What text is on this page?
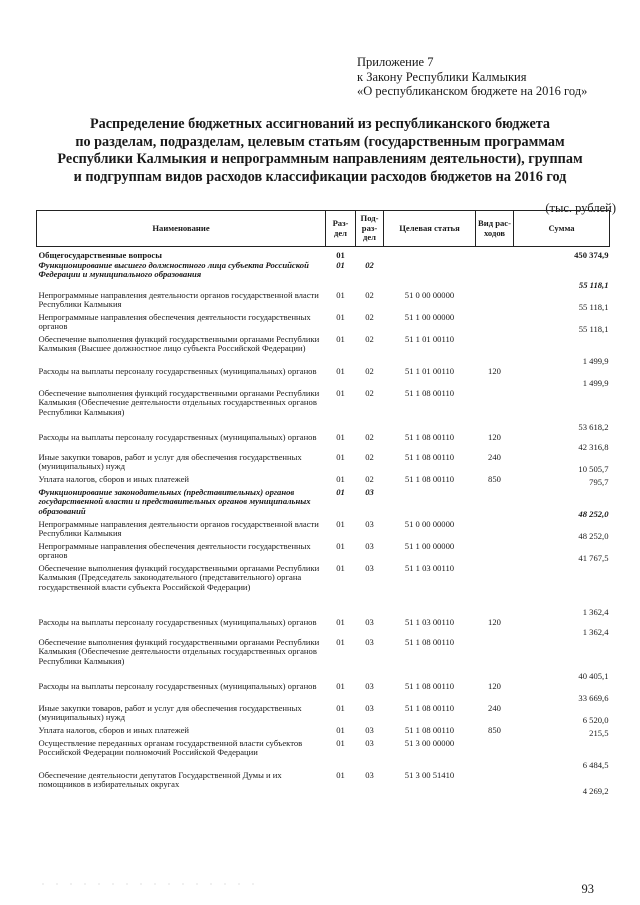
Приложение 7
к Закону Республики Калмыкия
«О республиканском бюджете на 2016 год»
Распределение бюджетных ассигнований из республиканского бюджета
по разделам, подразделам, целевым статьям (государственным программам
Республики Калмыкия и непрограммным направлениям деятельности), группам
и подгруппам видов расходов классификации расходов бюджетов на 2016 год
(тыс. рублей)
Наименование	Раз-дел	Под-раз-дел	Целевая статья	Вид рас-ходов	Сумма
Общегосударственные вопросы	01				450 374,9
Функционирование высшего должностного лица субъекта Российской Федерации и муниципального образования	01	02			55 118,1
Непрограммные направления деятельности органов государственной власти Республики Калмыкия	01	02	51 0 00 00000		55 118,1
Непрограммные направления обеспечения деятельности государственных органов	01	02	51 1 00 00000		55 118,1
Обеспечение выполнения функций государственными органами Республики Калмыкия (Высшее должностное лицо субъекта Российской Федерации)	01	02	51 1 01 00110		1 499,9
Расходы на выплаты персоналу государственных (муниципальных) органов	01	02	51 1 01 00110	120	1 499,9
Обеспечение выполнения функций государственными органами Республики Калмыкия (Обеспечение деятельности отдельных государственных органов Республики Калмыкия)	01	02	51 1 08 00110		53 618,2
Расходы на выплаты персоналу государственных (муниципальных) органов	01	02	51 1 08 00110	120	42 316,8
Иные закупки товаров, работ и услуг для обеспечения государственных (муниципальных) нужд	01	02	51 1 08 00110	240	10 505,7
Уплата налогов, сборов и иных платежей	01	02	51 1 08 00110	850	795,7
Функционирование законодательных (представительных) органов государственной власти и представительных органов муниципальных образований	01	03			48 252,0
Непрограммные направления деятельности органов государственной власти Республики Калмыкия	01	03	51 0 00 00000		48 252,0
Непрограммные направления обеспечения деятельности государственных органов	01	03	51 1 00 00000		41 767,5
Обеспечение выполнения функций государственными органами Республики Калмыкия (Председатель законодательного (представительного) органа государственной власти субъекта Российской Федерации)	01	03	51 1 03 00110		1 362,4
Расходы на выплаты персоналу государственных (муниципальных) органов	01	03	51 1 03 00110	120	1 362,4
Обеспечение выполнения функций государственными органами Республики Калмыкия (Обеспечение деятельности отдельных государственных органов Республики Калмыкия)	01	03	51 1 08 00110		40 405,1
Расходы на выплаты персоналу государственных (муниципальных) органов	01	03	51 1 08 00110	120	33 669,6
Иные закупки товаров, работ и услуг для обеспечения государственных (муниципальных) нужд	01	03	51 1 08 00110	240	6 520,0
Уплата налогов, сборов и иных платежей	01	03	51 1 08 00110	850	215,5
Осуществление переданных органам государственной власти субъектов Российской Федерации полномочий Российской Федерации	01	03	51 3 00 00000		6 484,5
Обеспечение деятельности депутатов Государственной Думы и их помощников в избирательных округах	01	03	51 3 00 51410		4 269,2
93
